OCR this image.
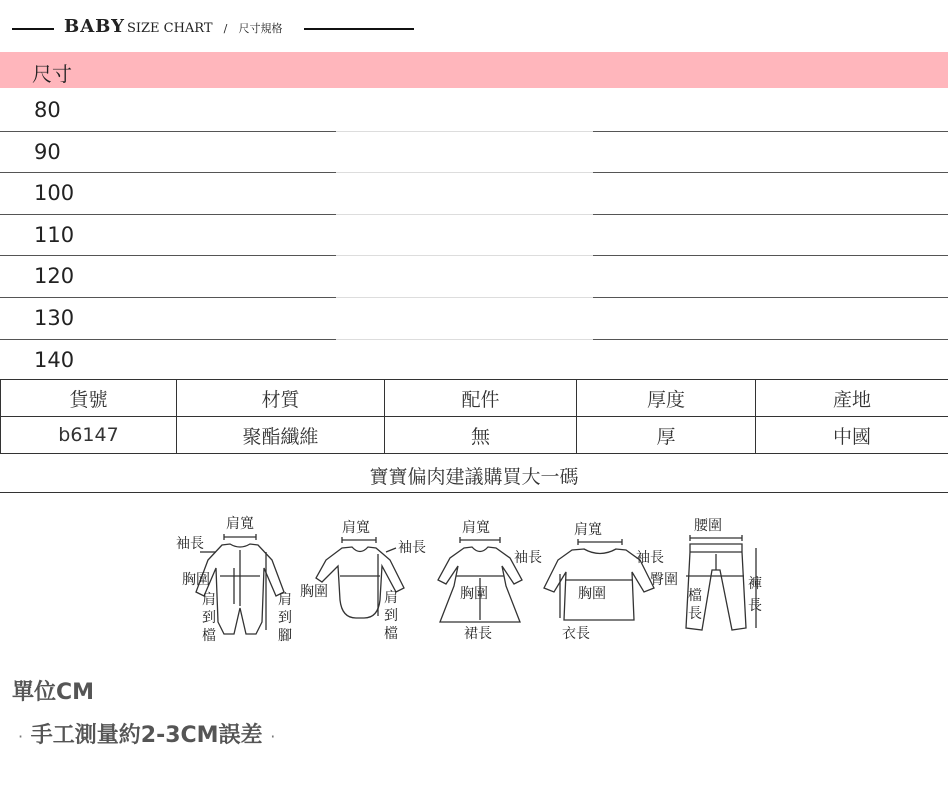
BABY SIZE CHART / 尺寸規格
尺寸
80
90
100
110
120
130
140
貨號	材質	配件	厚度	產地
b6147	聚酯纖維	無	厚	中國
寶寶偏肉建議購買大一碼
肩寬
袖長
胸圍
肩
到
檔
肩
到
腳
肩寬
袖長
胸圍	肩
到
檔
肩寬
袖長
胸圍
裙長
肩寬
袖長
胸圍
衣長
腰圍
臀圍
檔
長
褲
長
單位CM
· 手工測量約2-3CM誤差 ·
